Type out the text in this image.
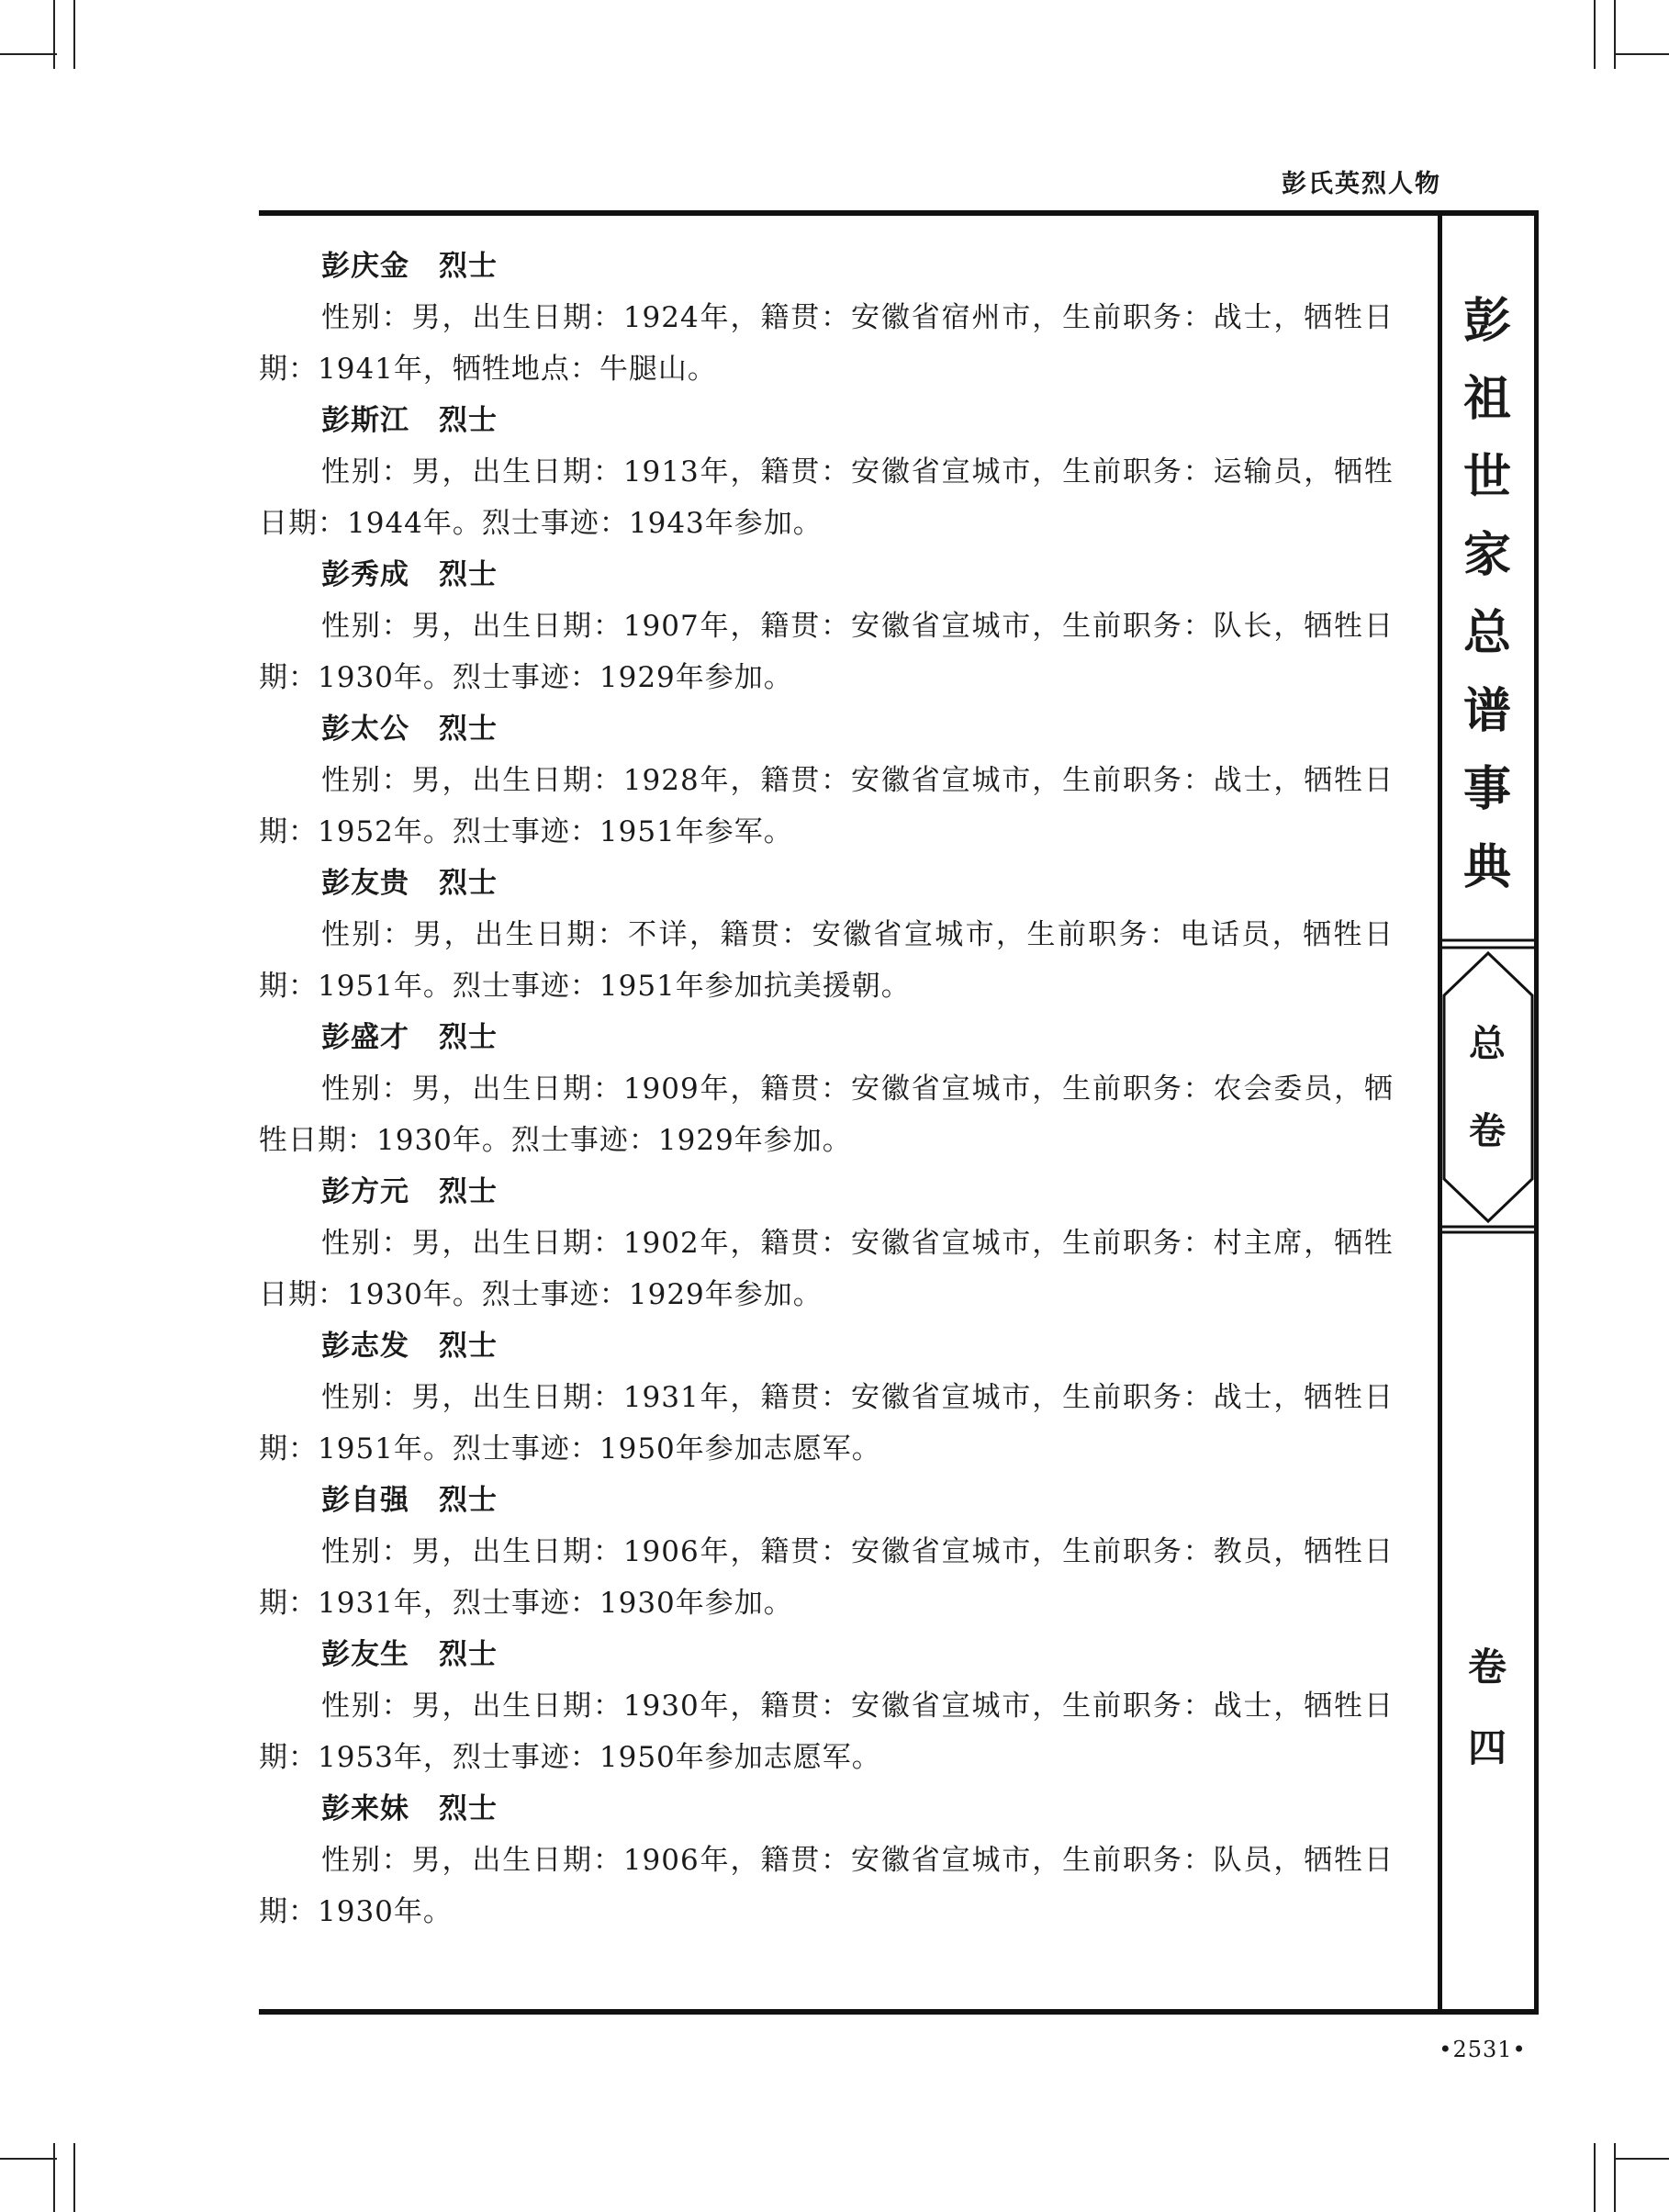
彭氏英烈人物
彭
祖
世
家
总
谱
事
典
总
卷
卷
四
彭庆金　烈士

性别：男，出生日期：1924年，籍贯：安徽省宿州市，生前职务：战士，牺牲日期：1941年，牺牲地点：牛腿山。

彭斯江　烈士

性别：男，出生日期：1913年，籍贯：安徽省宣城市，生前职务：运输员，牺牲日期：1944年。烈士事迹：1943年参加。

彭秀成　烈士

性别：男，出生日期：1907年，籍贯：安徽省宣城市，生前职务：队长，牺牲日期：1930年。烈士事迹：1929年参加。

彭太公　烈士

性别：男，出生日期：1928年，籍贯：安徽省宣城市，生前职务：战士，牺牲日期：1952年。烈士事迹：1951年参军。

彭友贵　烈士

性别：男，出生日期：不详，籍贯：安徽省宣城市，生前职务：电话员，牺牲日期：1951年。烈士事迹：1951年参加抗美援朝。

彭盛才　烈士

性别：男，出生日期：1909年，籍贯：安徽省宣城市，生前职务：农会委员，牺牲日期：1930年。烈士事迹：1929年参加。

彭方元　烈士

性别：男，出生日期：1902年，籍贯：安徽省宣城市，生前职务：村主席，牺牲日期：1930年。烈士事迹：1929年参加。

彭志发　烈士

性别：男，出生日期：1931年，籍贯：安徽省宣城市，生前职务：战士，牺牲日期：1951年。烈士事迹：1950年参加志愿军。

彭自强　烈士

性别：男，出生日期：1906年，籍贯：安徽省宣城市，生前职务：教员，牺牲日期：1931年，烈士事迹：1930年参加。

彭友生　烈士

性别：男，出生日期：1930年，籍贯：安徽省宣城市，生前职务：战士，牺牲日期：1953年，烈士事迹：1950年参加志愿军。

彭来妹　烈士

性别：男，出生日期：1906年，籍贯：安徽省宣城市，生前职务：队员，牺牲日期：1930年。

•2531•
